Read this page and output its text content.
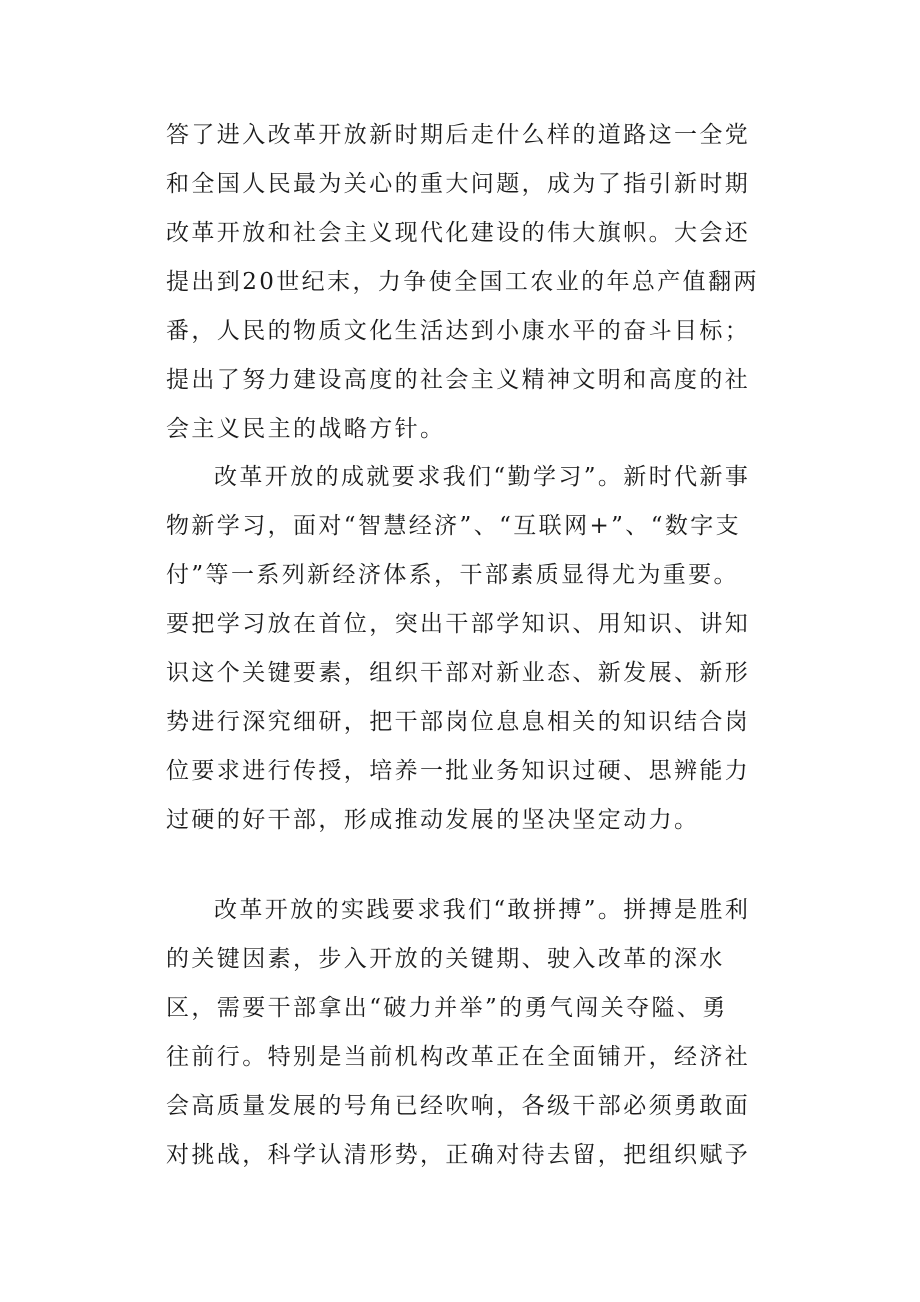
答了进入改革开放新时期后走什么样的道路这一全党
和全国人民最为关心的重大问题，成为了指引新时期
改革开放和社会主义现代化建设的伟大旗帜。大会还
提出到20世纪末，力争使全国工农业的年总产值翻两
番，人民的物质文化生活达到小康水平的奋斗目标；
提出了努力建设高度的社会主义精神文明和高度的社
会主义民主的战略方针。
改革开放的成就要求我们“勤学习”。新时代新事
物新学习，面对“智慧经济”、“互联网+”、“数字支
付”等一系列新经济体系，干部素质显得尤为重要。
要把学习放在首位，突出干部学知识、用知识、讲知
识这个关键要素，组织干部对新业态、新发展、新形
势进行深究细研，把干部岗位息息相关的知识结合岗
位要求进行传授，培养一批业务知识过硬、思辨能力
过硬的好干部，形成推动发展的坚决坚定动力。
改革开放的实践要求我们“敢拼搏”。拼搏是胜利
的关键因素，步入开放的关键期、驶入改革的深水
区，需要干部拿出“破力并举”的勇气闯关夺隘、勇
往前行。特别是当前机构改革正在全面铺开，经济社
会高质量发展的号角已经吹响，各级干部必须勇敢面
对挑战，科学认清形势，正确对待去留，把组织赋予
